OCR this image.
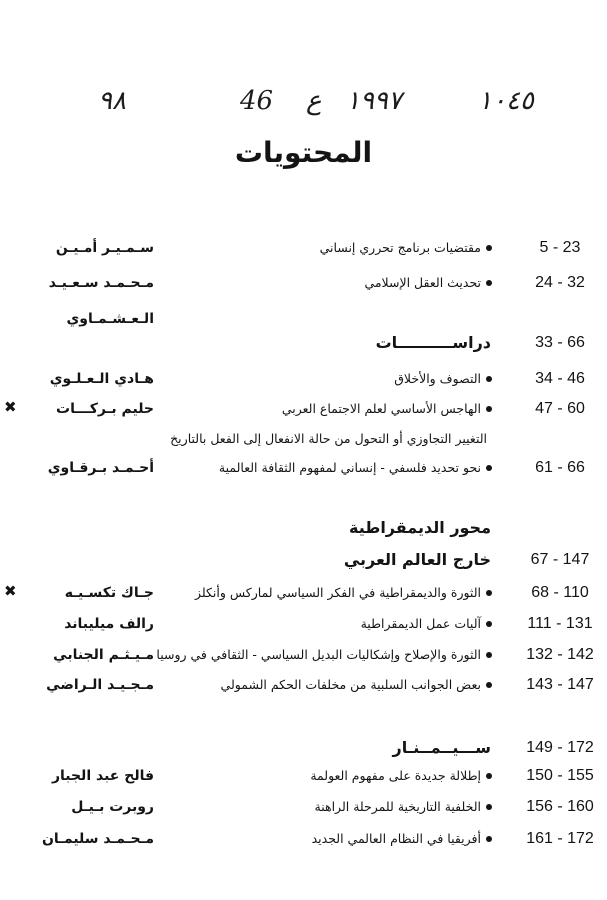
١٠٤٥
١٩٩٧
ع
46
٩٨
المحتويات
5 - 23
مقتضيات برنامج تحرري إنساني
سـمـيـر أمـيـن
24 - 32
تحديث العقل الإسلامي
مـحـمـد سـعـيـد
الـعـشـمـاوي
33 - 66
دراســــــــــات
34 - 46
التصوف والأخلاق
هـادي الـعـلـوي
47 - 60
الهاجس الأساسي لعلم الاجتماع العربي
حليم بـركـــات
✖
التغيير التجاوزي أو التحول من حالة الانفعال إلى الفعل بالتاريخ
61 - 66
نحو تحديد فلسفي - إنساني لمفهوم الثقافة العالمية
أحـمـد بـرقـاوي
محور الديمقراطية
67 - 147
خارج العالم العربي
68 - 110
الثورة والديمقراطية في الفكر السياسي لماركس وأنكلز
جـاك تكسـيـه
✖
111 - 131
آليات عمل الديمقراطية
رالف ميليباند
132 - 142
الثورة والإصلاح وإشكاليات البديل السياسي - الثقافي في روسيا
مـيـثـم الجنابي
143 - 147
بعض الجوانب السلبية من مخلفات الحكم الشمولي
مـجـيـد الـراضي
149 - 172
ســـيــمــنـار
150 - 155
إطلالة جديدة على مفهوم العولمة
فالح عبد الجبار
156 - 160
الخلفية التاريخية للمرحلة الراهنة
روبرت بـيـل
161 - 172
أفريقيا في النظام العالمي الجديد
مـحـمـد سليمـان
